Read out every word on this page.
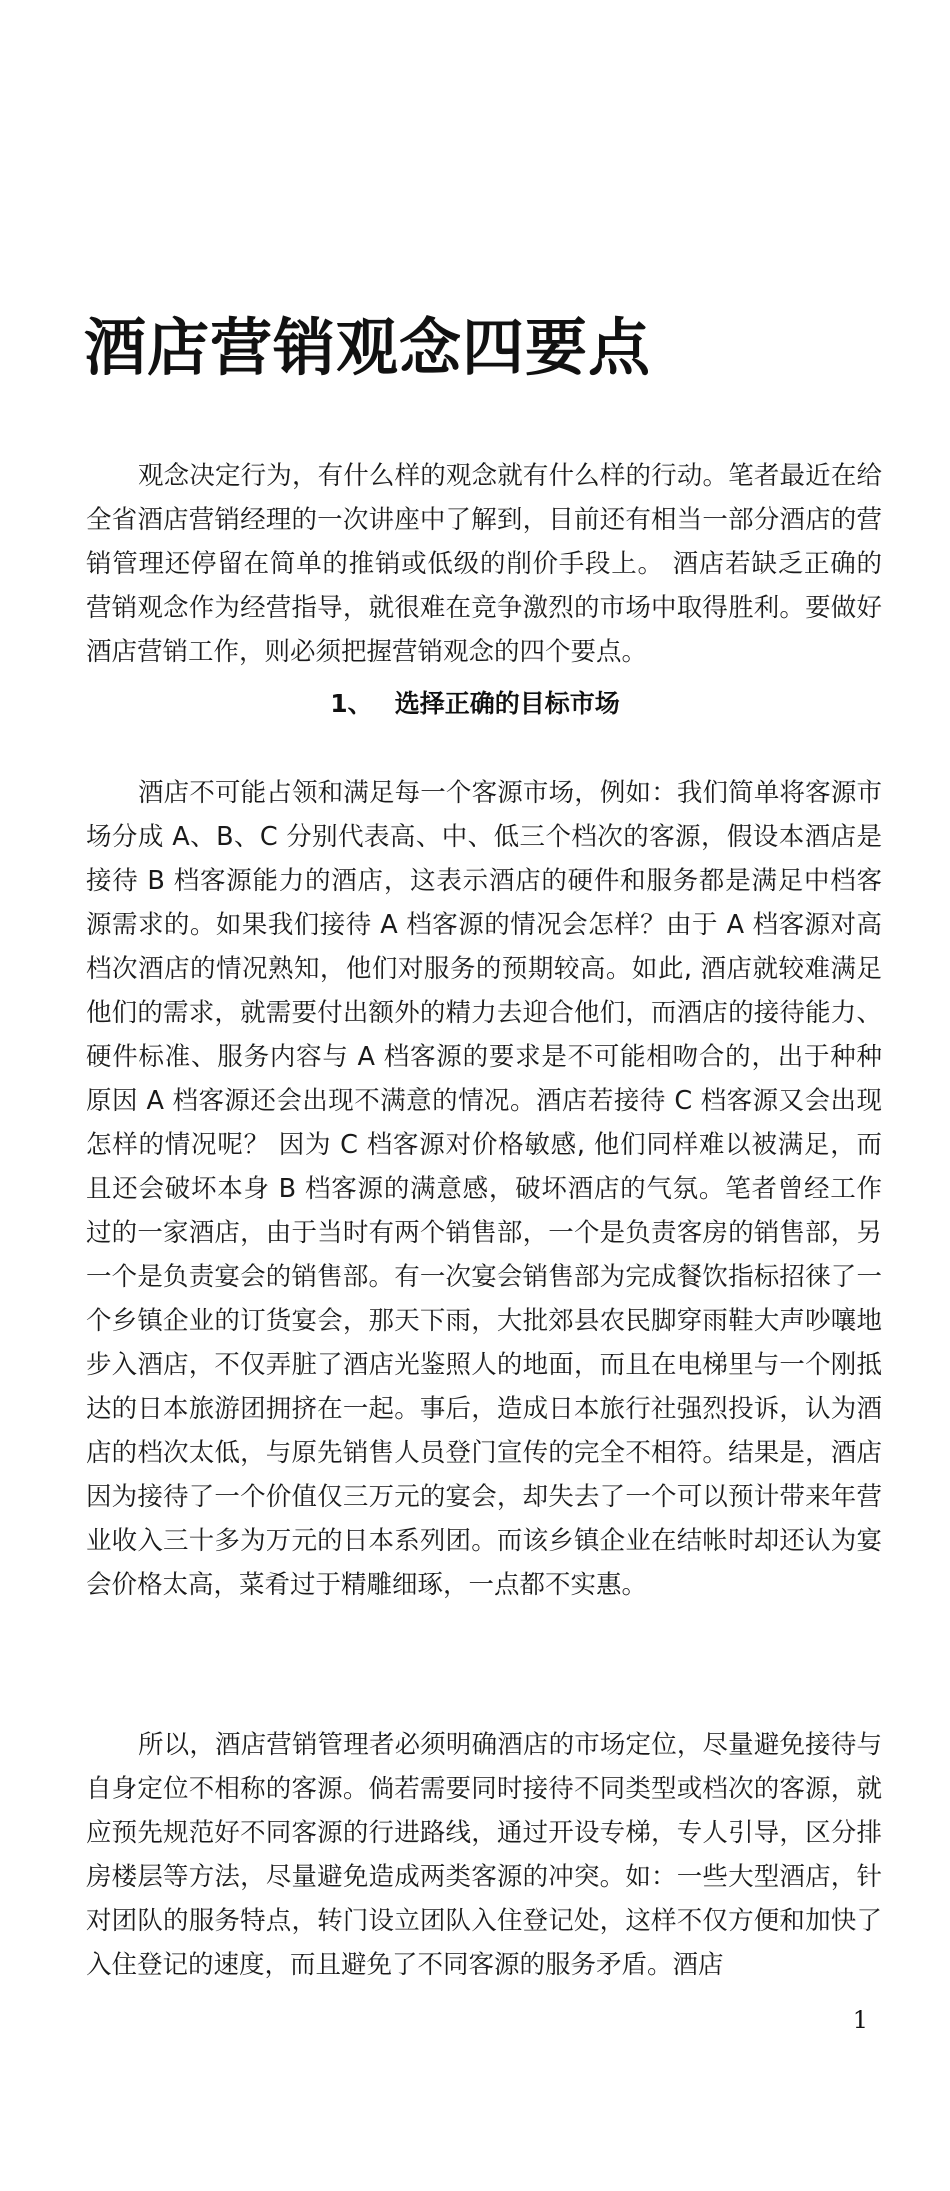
酒店营销观念四要点

观念决定行为，有什么样的观念就有什么样的行动。笔者最近在给全省酒店营销经理的一次讲座中了解到，目前还有相当一部分酒店的营销管理还停留在简单的推销或低级的削价手段上。 酒店若缺乏正确的营销观念作为经营指导，就很难在竞争激烈的市场中取得胜利。要做好酒店营销工作，则必须把握营销观念的四个要点。

1、 选择正确的目标市场

酒店不可能占领和满足每一个客源市场，例如：我们简单将客源市场分成 A、B、C 分别代表高、中、低三个档次的客源，假设本酒店是接待 B 档客源能力的酒店，这表示酒店的硬件和服务都是满足中档客源需求的。如果我们接待 A 档客源的情况会怎样？由于 A 档客源对高档次酒店的情况熟知，他们对服务的预期较高。如此, 酒店就较难满足他们的需求，就需要付出额外的精力去迎合他们，而酒店的接待能力、硬件标准、服务内容与 A 档客源的要求是不可能相吻合的，出于种种原因 A 档客源还会出现不满意的情况。酒店若接待 C 档客源又会出现怎样的情况呢？ 因为 C 档客源对价格敏感, 他们同样难以被满足，而且还会破坏本身 B 档客源的满意感，破坏酒店的气氛。笔者曾经工作过的一家酒店，由于当时有两个销售部，一个是负责客房的销售部，另一个是负责宴会的销售部。有一次宴会销售部为完成餐饮指标招徕了一个乡镇企业的订货宴会，那天下雨，大批郊县农民脚穿雨鞋大声吵嚷地步入酒店，不仅弄脏了酒店光鉴照人的地面，而且在电梯里与一个刚抵达的日本旅游团拥挤在一起。事后，造成日本旅行社强烈投诉，认为酒店的档次太低，与原先销售人员登门宣传的完全不相符。结果是，酒店因为接待了一个价值仅三万元的宴会，却失去了一个可以预计带来年营业收入三十多为万元的日本系列团。而该乡镇企业在结帐时却还认为宴会价格太高，菜肴过于精雕细琢，一点都不实惠。

所以，酒店营销管理者必须明确酒店的市场定位，尽量避免接待与自身定位不相称的客源。倘若需要同时接待不同类型或档次的客源，就应预先规范好不同客源的行进路线，通过开设专梯，专人引导，区分排房楼层等方法，尽量避免造成两类客源的冲突。如：一些大型酒店，针对团队的服务特点，转门设立团队入住登记处，这样不仅方便和加快了入住登记的速度，而且避免了不同客源的服务矛盾。酒店

1
